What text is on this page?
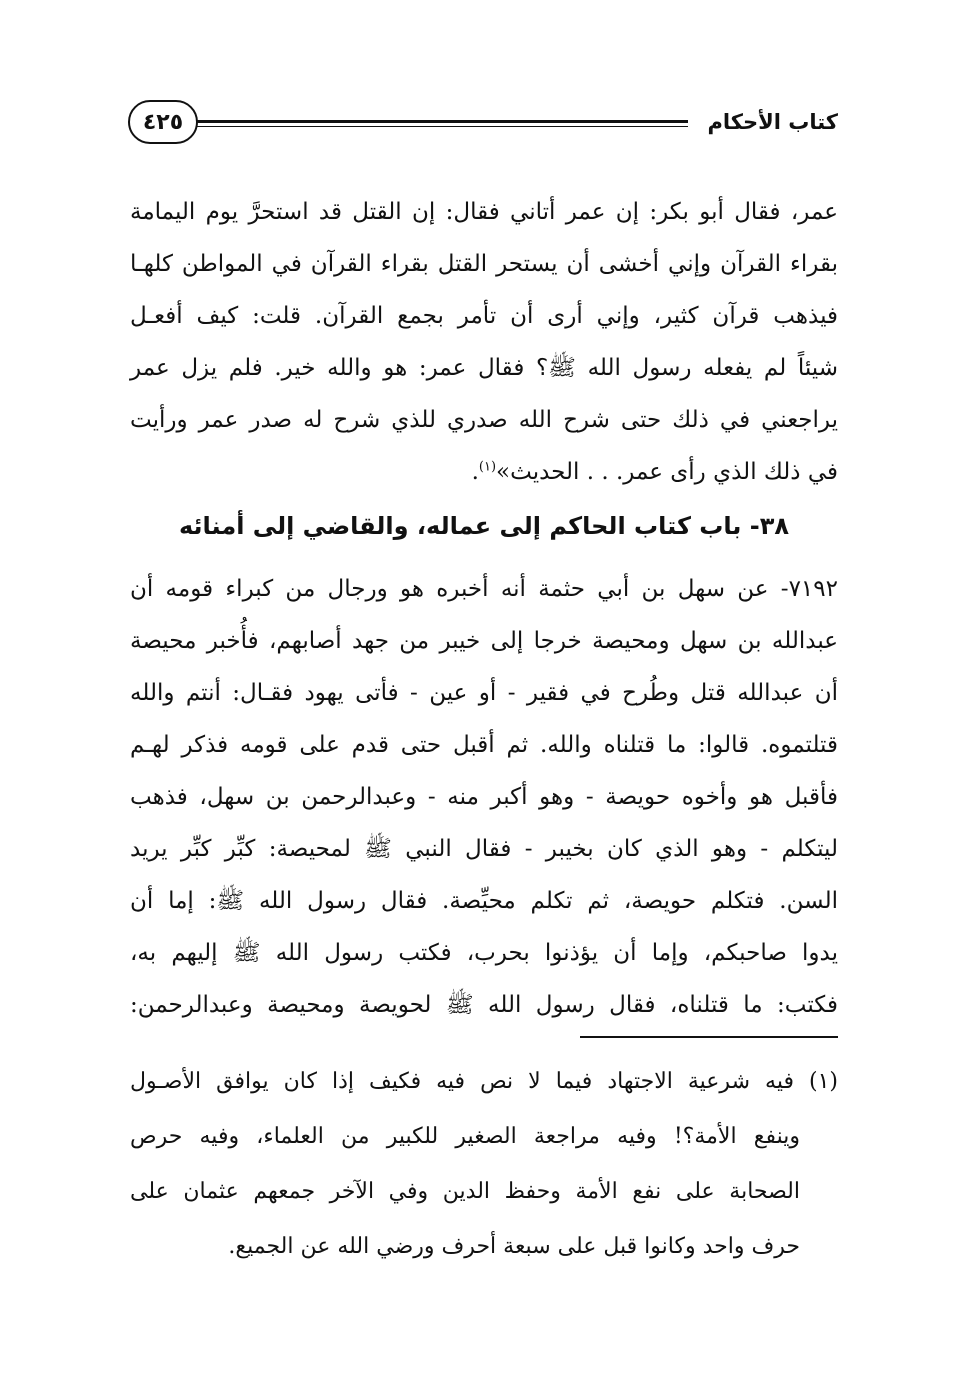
كتاب الأحكام
٤٢٥
عمر، فقال أبو بكر: إن عمر أتاني فقال: إن القتل قد استحرَّ يوم اليمامة
بقراء القرآن وإني أخشى أن يستحر القتل بقراء القرآن في المواطن كلهـا
فيذهب قرآن كثير، وإني أرى أن تأمر بجمع القرآن. قلت: كيف أفعـل
شيئاً لم يفعله رسول الله ﷺ؟ فقال عمر: هو والله خير. فلم يزل عمر
يراجعني في ذلك حتى شرح الله صدري للذي شرح له صدر عمر ورأيت
في ذلك الذي رأى عمر. . . الحديث»$^{(١)}$.
٣٨- باب كتاب الحاكم إلى عماله، والقاضي إلى أمنائه
٧١٩٢- عن سهل بن أبي حثمة أنه أخبره هو ورجال من كبراء قومه أن
عبدالله بن سهل ومحيصة خرجا إلى خيبر من جهد أصابهم، فأُخبر محيصة
أن عبدالله قتل وطُرح في فقير - أو عين - فأتى يهود فقـال: أنتم والله
قتلتموه. قالوا: ما قتلناه والله. ثم أقبل حتى قدم على قومه فذكر لهـم
فأقبل هو وأخوه حويصة - وهو أكبر منه - وعبدالرحمن بن سهل، فذهب
ليتكلم - وهو الذي كان بخيبر - فقال النبي ﷺ لمحيصة: كبِّر كبِّر يريد
السن. فتكلم حويصة، ثم تكلم محيِّصة. فقال رسول الله ﷺ: إما أن
يدوا صاحبكم، وإما أن يؤذنوا بحرب، فكتب رسول الله ﷺ إليهم به،
فكتب: ما قتلناه، فقال رسول الله ﷺ لحويصة ومحيصة وعبدالرحمن:
(١) فيه شرعية الاجتهاد فيما لا نص فيه فكيف إذا كان يوافق الأصـول
وينفع الأمة؟! وفيه مراجعة الصغير للكبير من العلماء، وفيه حرص
الصحابة على نفع الأمة وحفظ الدين وفي الآخر جمعهم عثمان على
حرف واحد وكانوا قبل على سبعة أحرف ورضي الله عن الجميع.
